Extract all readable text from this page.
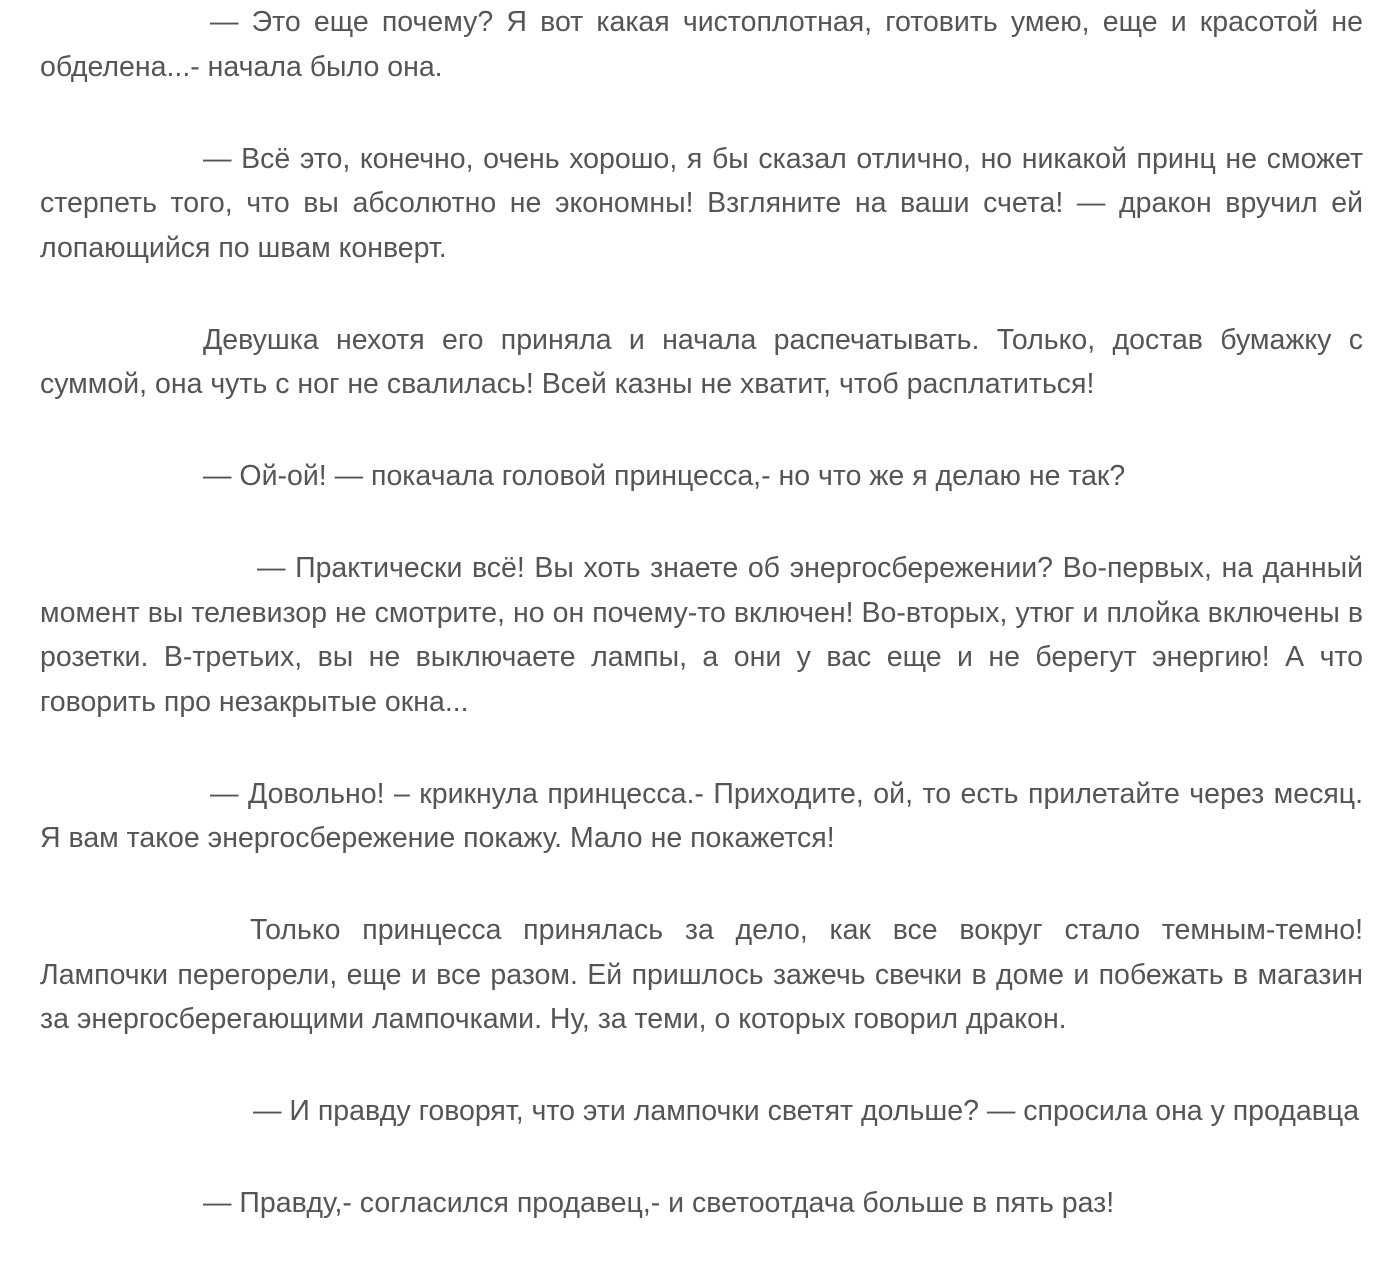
— Это еще почему? Я вот какая чистоплотная, готовить умею, еще и красотой не обделена...- начала было она.

— Всё это, конечно, очень хорошо, я бы сказал отлично, но никакой принц не сможет стерпеть того, что вы абсолютно не экономны! Взгляните на ваши счета! — дракон вручил ей лопающийся по швам конверт.

Девушка нехотя его приняла и начала распечатывать. Только, достав бумажку с суммой, она чуть с ног не свалилась! Всей казны не хватит, чтоб расплатиться!

— Ой-ой! — покачала головой принцесса,- но что же я делаю не так?

— Практически всё! Вы хоть знаете об энергосбережении? Во-первых, на данный момент вы телевизор не смотрите, но он почему-то включен! Во-вторых, утюг и плойка включены в розетки. В-третьих, вы не выключаете лампы, а они у вас еще и не берегут энергию! А что говорить про незакрытые окна...

— Довольно! – крикнула принцесса.- Приходите, ой, то есть прилетайте через месяц. Я вам такое энергосбережение покажу. Мало не покажется!

Только принцесса принялась за дело, как все вокруг стало темным-темно! Лампочки перегорели, еще и все разом. Ей пришлось зажечь свечки в доме и побежать в магазин за энергосберегающими лампочками. Ну, за теми, о которых говорил дракон.

— И правду говорят, что эти лампочки светят дольше? — спросила она у продавца

— Правду,- согласился продавец,- и светоотдача больше в пять раз!
